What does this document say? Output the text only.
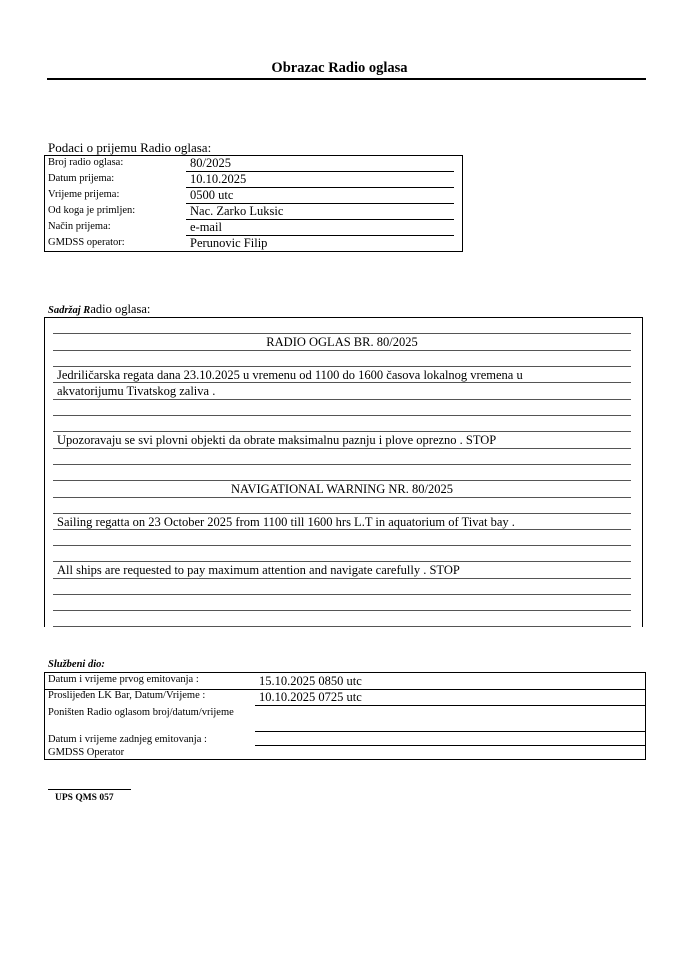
Obrazac Radio oglasa
Podaci o prijemu Radio oglasa:
Broj radio oglasa:	80/2025
Datum prijema:	10.10.2025
Vrijeme prijema:	0500 utc
Od koga je primljen:	Nac. Zarko Luksic
Način prijema:	e-mail
GMDSS operator:	Perunovic Filip
Sadržaj Radio oglasa:
RADIO OGLAS BR. 80/2025
Jedriličarska regata dana 23.10.2025 u vremenu od 1100 do 1600 časova lokalnog vremena u
akvatorijumu Tivatskog zaliva .
Upozoravaju se svi plovni objekti da obrate maksimalnu paznju i plove oprezno . STOP
NAVIGATIONAL WARNING NR. 80/2025
Sailing regatta on 23 October 2025 from 1100 till 1600 hrs L.T in aquatorium of Tivat bay .
All ships are requested to pay maximum attention and navigate carefully . STOP
Službeni dio:
Datum i vrijeme prvog emitovanja :	15.10.2025 0850 utc
Proslijeđen LK Bar, Datum/Vrijeme :	10.10.2025 0725 utc
Poništen Radio oglasom broj/datum/vrijeme
Datum i vrijeme zadnjeg emitovanja :
GMDSS Operator
UPS QMS 057
